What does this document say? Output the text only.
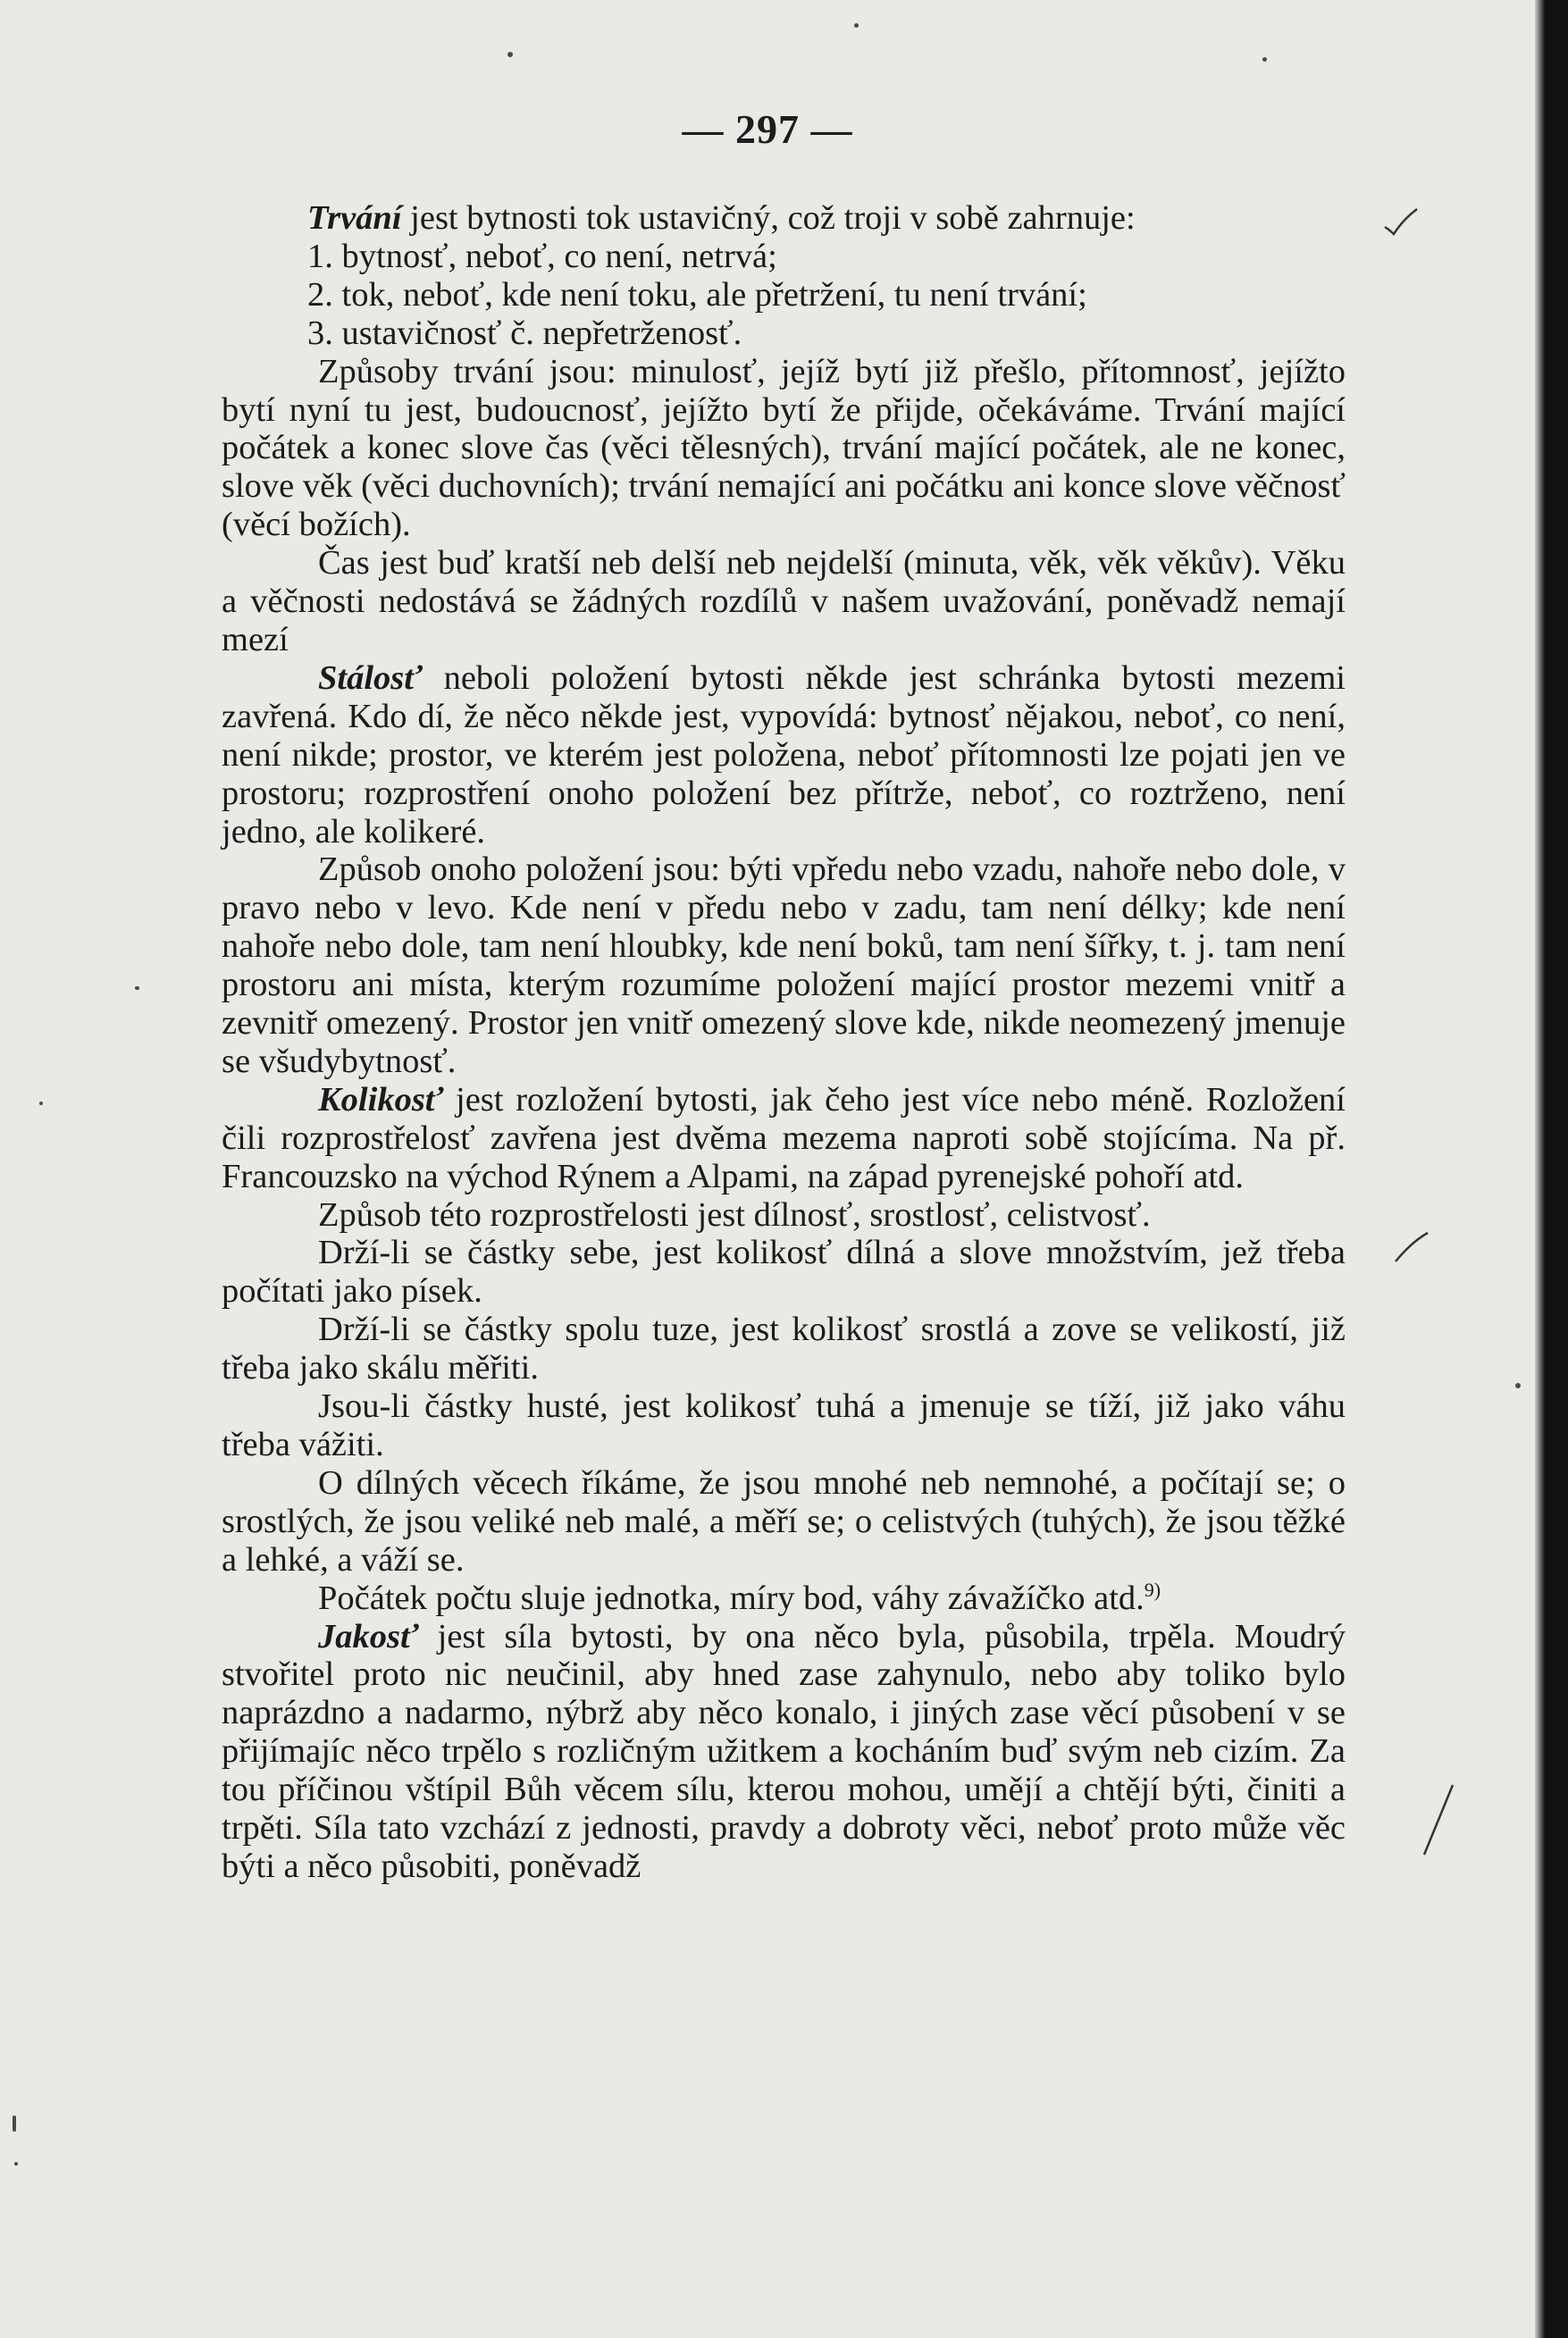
— 297 —

Trvání jest bytnosti tok ustavičný, což troji v sobě zahrnuje:

1. bytnosť, neboť, co není, netrvá;

2. tok, neboť, kde není toku, ale přetržení, tu není trvání;

3. ustavičnosť č. nepřetrženosť.

Způsoby trvání jsou: minulosť, jejíž bytí již přešlo, přítomnosť, jejížto bytí nyní tu jest, budoucnosť, jejížto bytí že přijde, očekáváme. Trvání mající počátek a konec slove čas (věci tělesných), trvání mající počátek, ale ne konec, slove věk (věci duchovních); trvání nemající ani počátku ani konce slove věčnosť (věcí božích).

Čas jest buď kratší neb delší neb nejdelší (minuta, věk, věk věkův). Věku a věčnosti nedostává se žádných rozdílů v našem uvažování, poněvadž nemají mezí

Stálosť neboli položení bytosti někde jest schránka bytosti mezemi zavřená. Kdo dí, že něco někde jest, vypovídá: bytnosť nějakou, neboť, co není, není nikde; prostor, ve kterém jest položena, neboť přítomnosti lze pojati jen ve prostoru; rozprostření onoho položení bez přítrže, neboť, co roztrženo, není jedno, ale kolikeré.

Způsob onoho položení jsou: býti vpředu nebo vzadu, nahoře nebo dole, v pravo nebo v levo. Kde není v předu nebo v zadu, tam není délky; kde není nahoře nebo dole, tam není hloubky, kde není boků, tam není šířky, t. j. tam není prostoru ani místa, kterým rozumíme položení mající prostor mezemi vnitř a zevnitř omezený. Prostor jen vnitř omezený slove kde, nikde neomezený jmenuje se všudybytnosť.

Kolikosť jest rozložení bytosti, jak čeho jest více nebo méně. Rozložení čili rozprostřelosť zavřena jest dvěma mezema naproti sobě stojícíma. Na př. Francouzsko na východ Rýnem a Alpami, na západ pyrenejské pohoří atd.

Způsob této rozprostřelosti jest dílnosť, srostlosť, celistvosť.

Drží-li se částky sebe, jest kolikosť dílná a slove množstvím, jež třeba počítati jako písek.

Drží-li se částky spolu tuze, jest kolikosť srostlá a zove se velikostí, již třeba jako skálu měřiti.

Jsou-li částky husté, jest kolikosť tuhá a jmenuje se tíží, již jako váhu třeba vážiti.

O dílných věcech říkáme, že jsou mnohé neb nemnohé, a počítají se; o srostlých, že jsou veliké neb malé, a měří se; o celistvých (tuhých), že jsou těžké a lehké, a váží se.

Počátek počtu sluje jednotka, míry bod, váhy závažíčko atd.$^{9)}$

Jakosť jest síla bytosti, by ona něco byla, působila, trpěla. Moudrý stvořitel proto nic neučinil, aby hned zase zahynulo, nebo aby toliko bylo naprázdno a nadarmo, nýbrž aby něco konalo, i jiných zase věcí působení v se přijímajíc něco trpělo s rozličným užitkem a kocháním buď svým neb cizím. Za tou příčinou vštípil Bůh věcem sílu, kterou mohou, umějí a chtějí býti, činiti a trpěti. Síla tato vzchází z jednosti, pravdy a dobroty věci, neboť proto může věc býti a něco působiti, poněvadž
